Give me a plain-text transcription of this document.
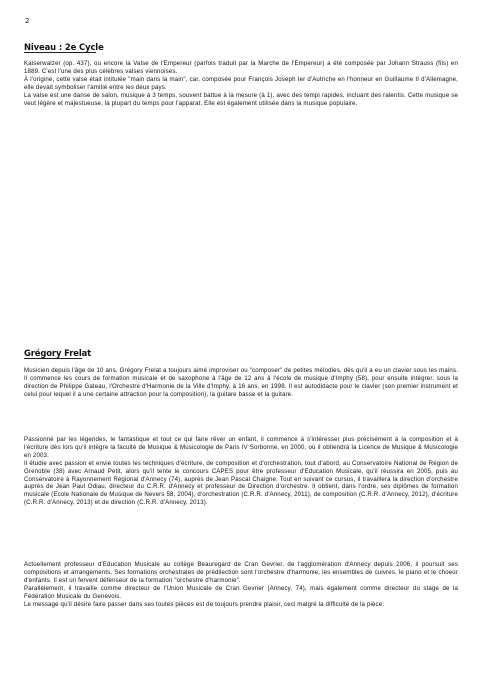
2
Niveau : 2e Cycle
Kaiserwalzer (op. 437), ou encore la Valse de l'Empereur (parfois traduit par la Marche de l'Empereur) a été composée par Johann Strauss (fils) en 1889. C'est l'une des plus célèbres valses viennoises.
À l'origine, cette valse était intitulée "main dans la main", car, composée pour François Joseph Ier d'Autriche en l'honneur en Guillaume II d'Allemagne, elle devait symboliser l'amitié entre les deux pays.
La valse est une danse de salon, musique à 3 temps, souvent battue à la mesure (à 1), avec des tempi rapides, incluant des ralentis. Cette musique se veut légère et majestueuse, la plupart du temps pour l'apparat. Elle est également utilisée dans la musique populaire.
Grégory Frelat
Musicien depuis l'âge de 10 ans, Grégory Frelat a toujours aimé improviser ou "composer" de petites mélodies, dès qu'il a eu un clavier sous les mains. Il commence les cours de formation musicale et de saxophone à l'âge de 12 ans à l'école de musique d'Imphy (58), pour ensuite intégrer, sous la direction de Philippe Gateau, l'Orchestre d'Harmonie de la Ville d'Imphy, à 16 ans, en 1998. Il est autodidacte pour le clavier (son premier instrument et celui pour lequel il a une certaine attraction pour la composition), la guitare basse et la guitare.
Passionné par les légendes, le fantastique et tout ce qui faire rêver un enfant, il commence à s'intéresser plus précisément à la composition et à l'écriture dès lors qu'il intègre la faculté de Musique & Musicologie de Paris IV Sorbonne, en 2000, où il obtiendra la Licence de Musique & Musicologie en 2003.
Il étudie avec passion et envie toutes les techniques d'écriture, de composition et d'orchestration, tout d'abord, au Conservatoire National de Région de Grenoble (38) avec Arnaud Petit, alors qu'il tente le concours CAPES pour être professeur d'Education Musicale, qu'il réussira en 2005, puis au Conservatoire à Rayonnement Régional d'Annecy (74), auprès de Jean Pascal Chaigne. Tout en suivant ce cursus, il travaillera la direction d'orchestre auprès de Jean Paul Odiau, directeur du C.R.R. d'Annecy et professeur de Direction d'orchestre. Il obtient, dans l'ordre, ses diplômes de formation musicale (Ecole Nationale de Musique de Nevers 58, 2004), d'orchestration (C.R.R. d'Annecy, 2011), de composition (C.R.R. d'Annecy, 2012), d'écriture (C.R.R. d'Annecy, 2013) et de direction (C.R.R. d'Annecy, 2013).
Actuellement professeur d'Education Musicale au collège Beauregard de Cran Gevrier, de l'agglomération d'Annecy depuis 2006, il poursuit ses compositions et arrangements. Ses formations orchestrales de prédilection sont l'orchestre d'harmonie, les ensembles de cuivres, le piano et le choeur d'enfants. Il est un fervent défenseur de la formation "orchestre d'harmonie".
Parallèlement, il travaille comme directeur de l'Union Musicale de Cran Gevrier (Annecy, 74), mais également comme directeur du stage de la Fédération Musicale du Genevois.
Le message qu'il désire faire passer dans ses toutes pièces est de toujours prendre plaisir, ceci malgré la difficulté de la pièce.
